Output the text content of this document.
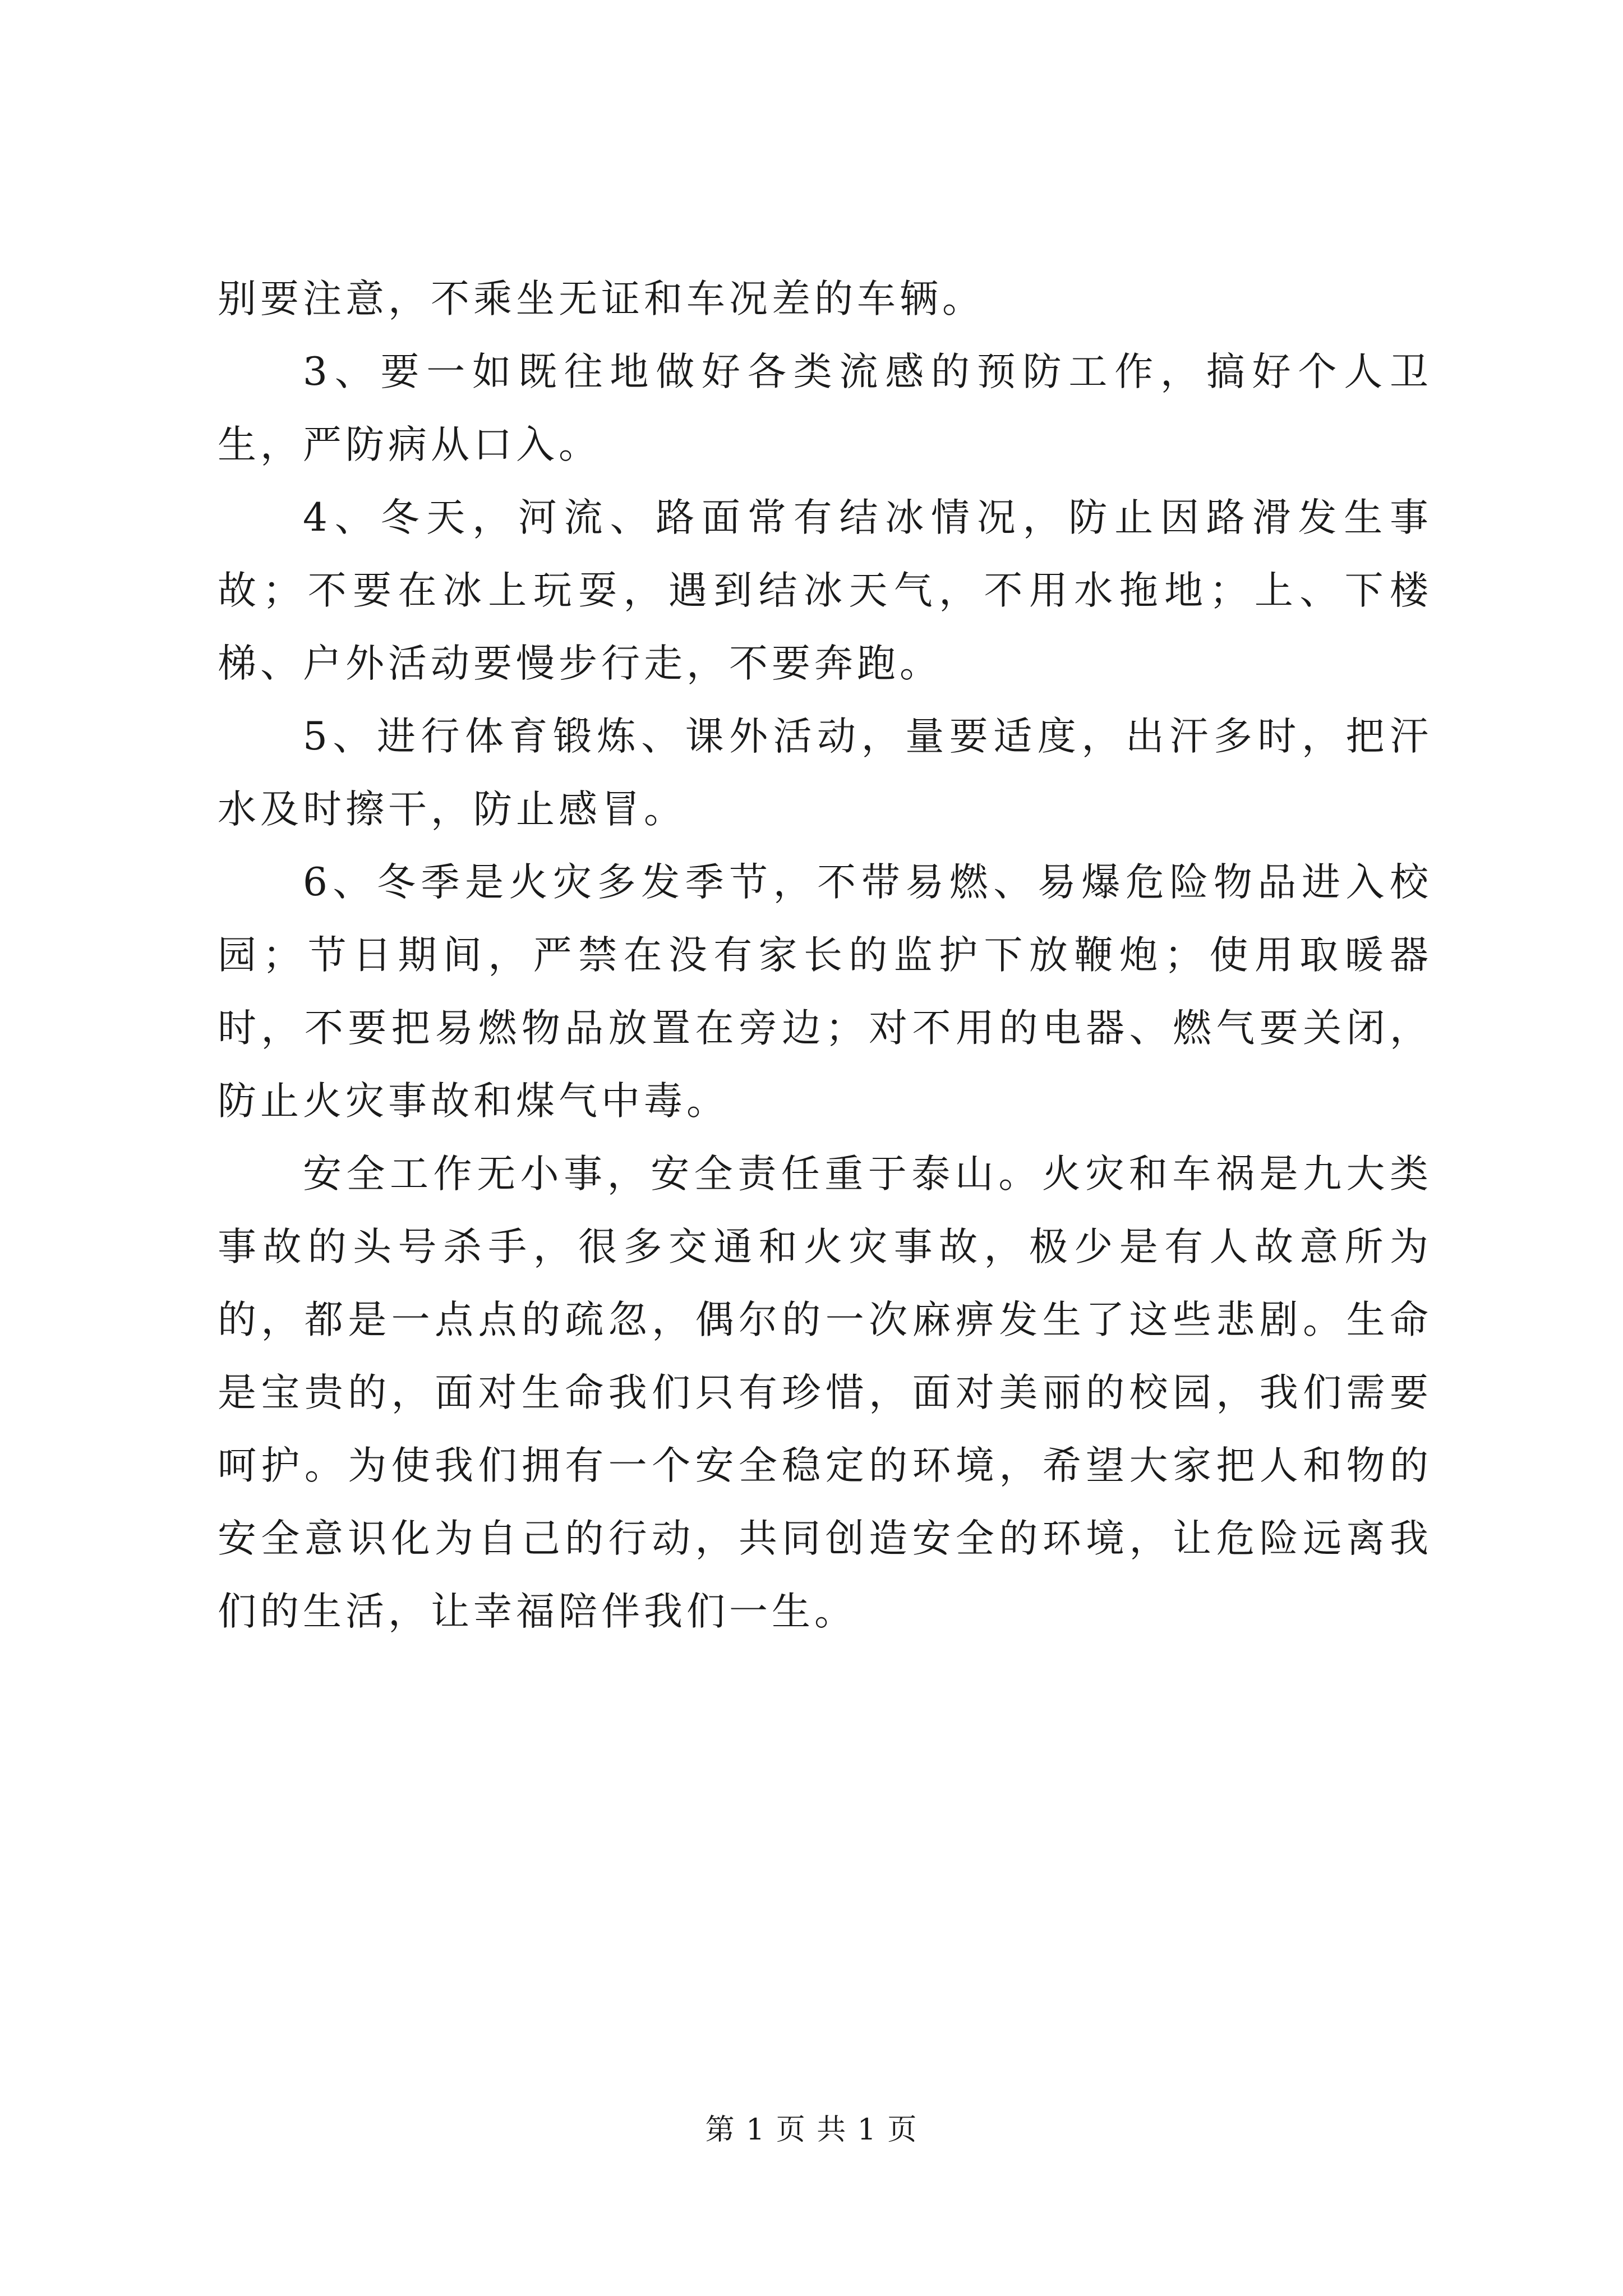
别要注意，不乘坐无证和车况差的车辆。

3、要一如既往地做好各类流感的预防工作，搞好个人卫生，严防病从口入。

4、冬天，河流、路面常有结冰情况，防止因路滑发生事故；不要在冰上玩耍，遇到结冰天气，不用水拖地；上、下楼梯、户外活动要慢步行走，不要奔跑。

5、进行体育锻炼、课外活动，量要适度，出汗多时，把汗水及时擦干，防止感冒。

6、冬季是火灾多发季节，不带易燃、易爆危险物品进入校园；节日期间，严禁在没有家长的监护下放鞭炮；使用取暖器时，不要把易燃物品放置在旁边；对不用的电器、燃气要关闭，防止火灾事故和煤气中毒。

安全工作无小事，安全责任重于泰山。火灾和车祸是九大类事故的头号杀手，很多交通和火灾事故，极少是有人故意所为的，都是一点点的疏忽，偶尔的一次麻痹发生了这些悲剧。生命是宝贵的，面对生命我们只有珍惜，面对美丽的校园，我们需要呵护。为使我们拥有一个安全稳定的环境，希望大家把人和物的安全意识化为自己的行动，共同创造安全的环境，让危险远离我们的生活，让幸福陪伴我们一生。

第 1 页 共 1 页
